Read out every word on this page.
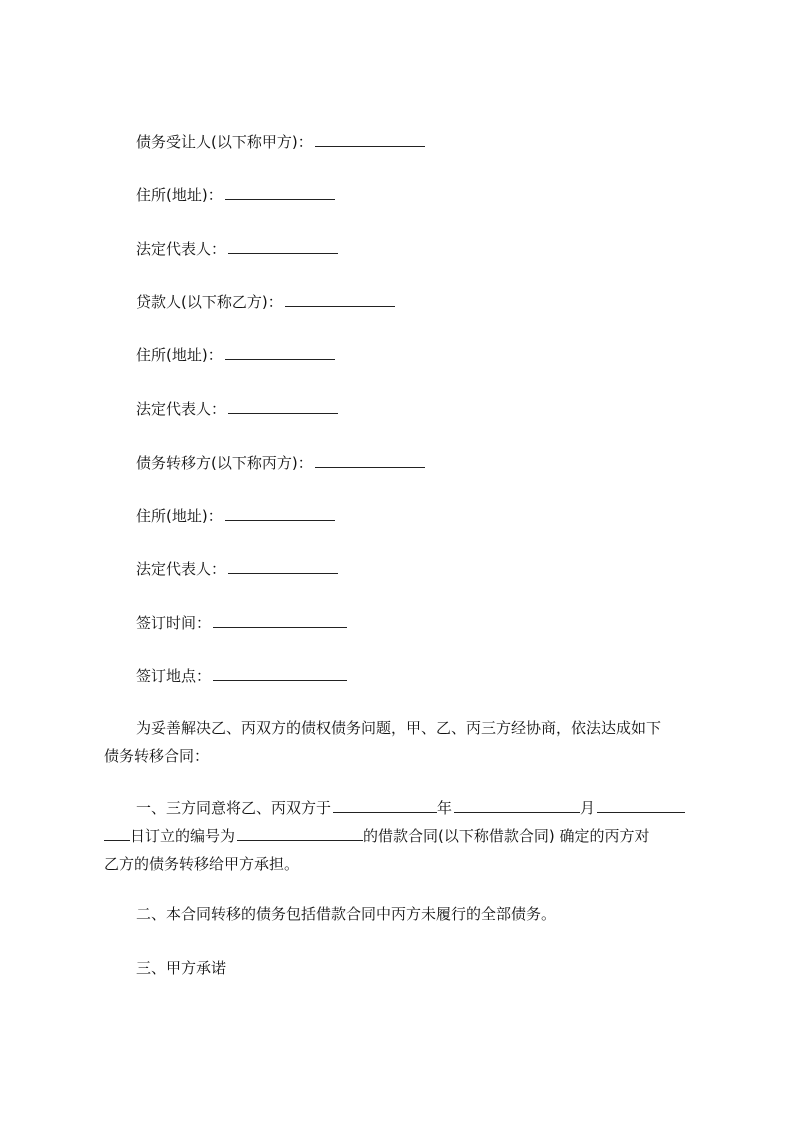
债务受让人(以下称甲方)：
住所(地址)：
法定代表人：
贷款人(以下称乙方)：
住所(地址)：
法定代表人：
债务转移方(以下称丙方)：
住所(地址)：
法定代表人：
签订时间：
签订地点：
为妥善解决乙、丙双方的债权债务问题，甲、乙、丙三方经协商，依法达成如下
债务转移合同：
一、三方同意将乙、丙双方于	年	月
日订立的编号为	的借款合同(以下称借款合同) 确定的丙方对
乙方的债务转移给甲方承担。
二、本合同转移的债务包括借款合同中丙方未履行的全部债务。
三、甲方承诺
